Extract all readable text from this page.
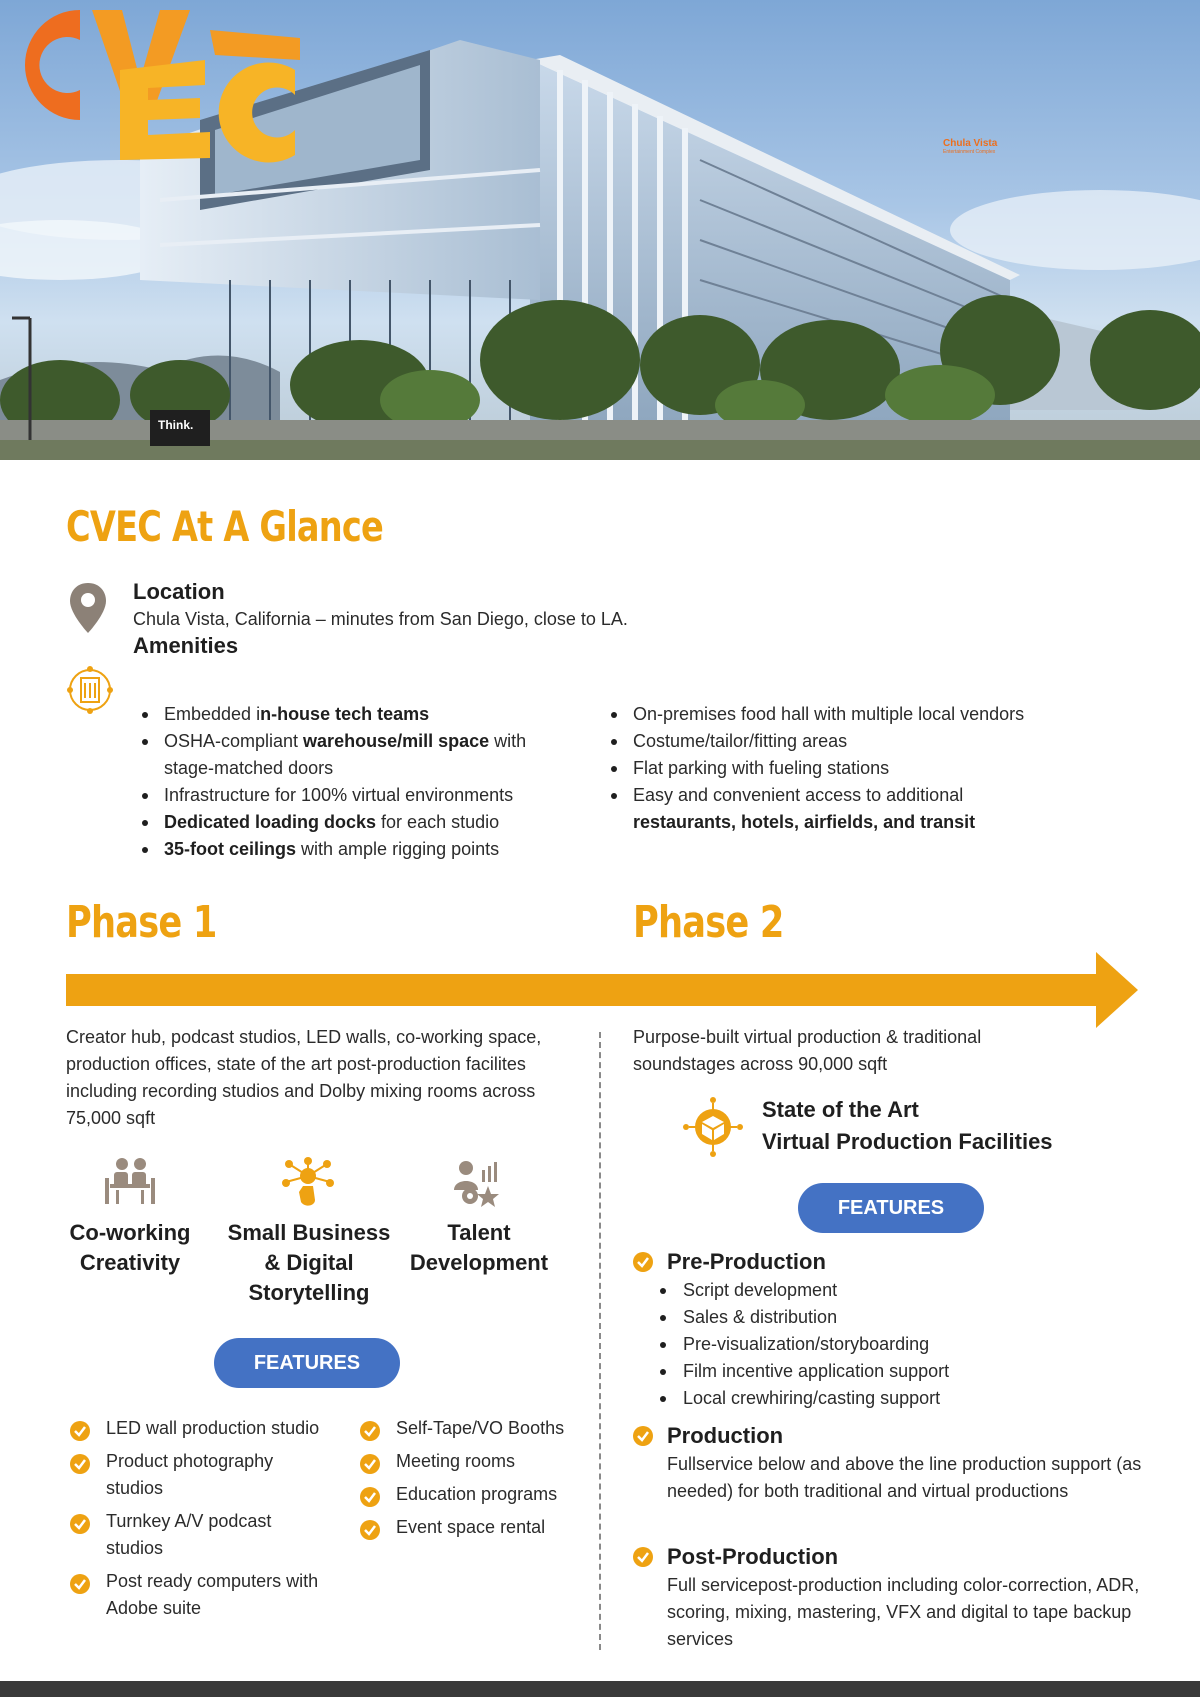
Think.
Chula Vista
Entertainment Complex
CVEC At A Glance
Location
Chula Vista, California – minutes from San Diego, close to LA.
Amenities
Embedded in-house tech teams
OSHA-compliant warehouse/mill space with stage-matched doors
Infrastructure for 100% virtual environments
Dedicated loading docks for each studio
35-foot ceilings with ample rigging points
On-premises food hall with multiple local vendors
Costume/tailor/fitting areas
Flat parking with fueling stations
Easy and convenient access to additional restaurants, hotels, airfields, and transit
Phase 1	Phase 2
Creator hub, podcast studios, LED walls, co-working space, production offices, state of the art post-production facilites including recording studios and Dolby mixing rooms across 75,000 sqft
Purpose-built virtual production & traditional soundstages across 90,000 sqft
Co-working Creativity
Small Business & Digital Storytelling
Talent Development
FEATURES
LED wall production studio
Product photography studios
Turnkey A/V podcast studios
Post ready computers with Adobe suite
Self-Tape/VO Booths
Meeting rooms
Education programs
Event space rental
State of the Art
Virtual Production Facilities
FEATURES
Pre-Production
Script development
Sales & distribution
Pre-visualization/storyboarding
Film incentive application support
Local crewhiring/casting support
Production
Fullservice below and above the line production support (as needed) for both traditional and virtual productions
Post-Production
Full servicepost-production including color-correction, ADR, scoring, mixing, mastering, VFX and digital to tape backup services
